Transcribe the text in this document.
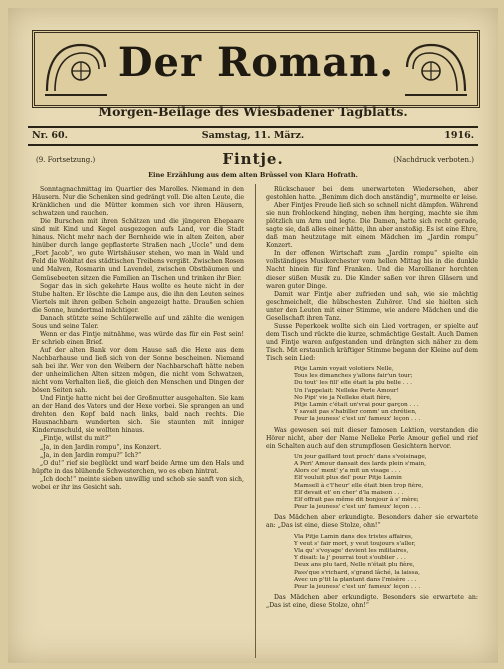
Der Roman.
Morgen-Beilage des Wiesbadener Tagblatts.
Nr. 60.	Samstag, 11. März.	1916.
(9. Fortsetzung.)	(Nachdruck verboten.)
Fintje.
Eine Erzählung aus dem alten Brüssel von Klara Hofrath.

Sonntagnachmittag im Quartier des Marolles. Niemand in den Häusern. Nur die Schenken sind gedrängt voll. Die alten Leute, die Kränklichen und die Mütter kommen sich vor ihren Häusern, schwatzen und rauchen.

Die Burschen mit ihren Schätzen und die jüngeren Ehepaare sind mit Kind und Kegel ausgezogen aufs Land, vor die Stadt hinaus. Nicht mehr nach der Bernheide wie in alten Zeiten, aber hinüber durch lange gepflasterte Straßen nach „Uccle“ und dem „Fort Jacob“, wo gute Wirtshäuser stehen, wo man in Wald und Feld die Wohltat des städtischen Treibens vergißt. Zwischen Rosen und Malven, Rosmarin und Lavendel, zwischen Obstbäumen und Gemüsebeeten sitzen die Familien an Tischen und trinken ihr Bier.

Sogar das in sich gekehrte Haus wollte es heute nicht in der Stube halten. Er löschte die Lampe aus, die ihn den Leuten seines Viertels mit ihren gelben Schein angezeigt hatte. Draußen schien die Sonne, hundertmal mächtiger.

Danach stützte seine Schülerwelle auf und zählte die wenigen Sous und seine Taler.

Wenn er das Fintje mitnähme, was würde das für ein Fest sein! Er schrieb einen Brief.

Auf der alten Bank vor dem Hause saß die Hexe aus dem Nachbarhause und ließ sich von der Sonne bescheinen. Niemand sah bei ihr. Wer von den Weibern der Nachbarschaft hätte neben der unheimlichen Alten sitzen mögen, die nicht vom Schwatzen, nicht vom Verhalten ließ, die gleich den Menschen und Dingen der bösen Seiten sah.

Und Fintje hatte nicht bei der Großmutter ausgehalten. Sie kam an der Hand des Vaters und der Hexe vorbei. Sie sprangen an und drehten den Kopf bald nach links, bald nach rechts. Die Hausnachbarn wunderten sich. Sie staunten mit inniger Kinderunschuld, sie wollten hinaus.

„Fintje, willst du mit?“

„Ja, in den Jardin rompu“, ins Konzert.

„Ja, in den Jardin rompu?“ Ich?“

„O du!“ rief sie beglückt und warf beide Arme um den Hals und hüpfte in das blühende Schwesterchen, wo es eben hintrat.

„Ich doch!“ meinte sieben unwillig und schob sie sanft von sich, wobei er ihr ins Gesicht sah.

Rückschauer bei dem unerwarteten Wiedersehen, aber gestohlen hatte. „Benimm dich doch anständig“, murmelte er leise.

Aber Fintjes Freude ließ sich so schnell nicht dämpfen. Während sie nun frohlockend hinging, neben ihm herging, machte sie ihm plötzlich um Arm und legte. Die Damen, hatte sich recht gerade, sagte sie, daß alles einer hätte, ihn aber anstoßig. Es ist eine Ehre, daß man heutzutage mit einem Mädchen im „Jardin rompu“ Konzert.

In der offenen Wirtschaft zum „Jardin rompu“ spielte ein vollständiges Musikorchester vom hellen Mittag bis in die dunkle Nacht hinein für fünf Franken. Und die Marollianer horchten dieser süßen Musik zu. Die Kinder saßen vor ihren Gläsern und waren guter Dinge.

Damit war Fintje aber zufrieden und sah, wie sie mächtig geschmeichelt, die hübschesten Zuhörer. Und sie hielten sich unter den Leuten mit einer Stimme, wie andere Mädchen und die Gesellschaft ihren Tanz.

Susse Peperkoek wollte sich ein Lied vortragen, er spielte auf dem Tisch und rückte die kurze, schmächtige Gestalt. Auch Damen und Fintje waren aufgestanden und drängten sich näher zu dem Tisch. Mit erstaunlich kräftiger Stimme begann der Kleine auf dem Tisch sein Lied:

Pitje Lamin voyait volotiers Nelle,
Tous les dimanches y'allons fair'un tour;
Du tout' les fill' elle était la plu belle . . .
Un l'appelait: Nelleke Perle Amour!
No Pipi' vie ja Nelleke était fière,
Pitje Lamin c'était un'vrai pour garçon . . .
Y savait pas s'habiller comm' un chrétien,
Pour la jeuness' c'est un' fameux' leçon . . .

Was gewesen sei mit dieser famosen Lektion, verstanden die Hörer nicht, aber der Name Nelleke Perle Amour gefiel und rief ein Schalten auch auf den strumpflosen Gesichtern hervor.

Un jour gaillard tout proch' dans s'voisinage,
A Peri' Amour dansait des lards plein s'main,
Alors ce' ment' y'a mit un visage . . .
Elf vouluit plus del' pour Pitje Lamin
Mamsell à c'l'heur' elle était bien trop fière,
Elf devait et' en cher' d'la maison . . .
Elf offrait pas même dit bonjour à s' mère;
Pour la jeuness' c'est un' fameux' leçon . . .

Das Mädchen aber erkundigte. Besonders daher sie erwartete an: „Das ist eine, diese Stolze, ohn!“

Vla Pitje Lamin dans des tristes affaires,
Y veut s' fair mort, y veut toujours s'aller,
Vla qu' s'voyage' devient les militaires,
Y disait: la j' pourrai tout s'oublier . . .
Deux ans plu tard, Nelle n'était plu fière,
Pass'que s'richard, s'grand lâché, la laissa,
Avec un p'tit la plantant dans l'misère . . .
Pour la jeuness' c'est un' fameux' leçon . . .

Das Mädchen aber erkundigte. Besonders sie erwartete an: „Das ist eine, diese Stolze, ohn!“
